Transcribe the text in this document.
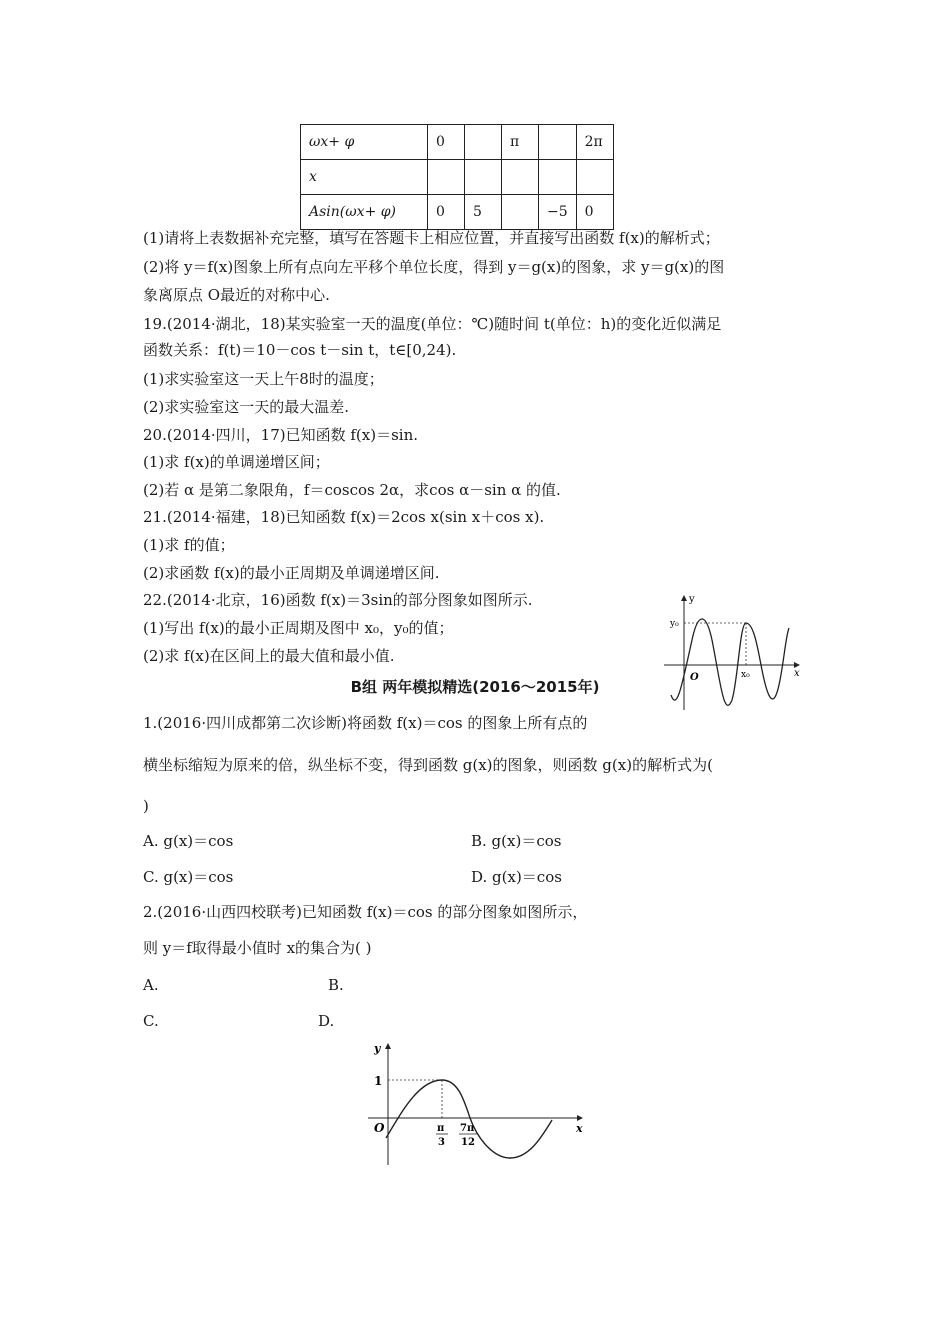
ωx+ φ	0		π		2π
x					
Asin(ωx+ φ)	0	5		−5	0
(1)请将上表数据补充完整，填写在答题卡上相应位置，并直接写出函数 f(x)的解析式；
(2)将 y＝f(x)图象上所有点向左平移个单位长度，得到 y＝g(x)的图象，求 y＝g(x)的图
象离原点 O最近的对称中心.
19.(2014·湖北，18)某实验室一天的温度(单位：℃)随时间 t(单位：h)的变化近似满足
函数关系：f(t)＝10－cos t－sin t，t∈[0,24).
(1)求实验室这一天上午8时的温度；
(2)求实验室这一天的最大温差.
20.(2014·四川，17)已知函数 f(x)＝sin.
(1)求 f(x)的单调递增区间；
(2)若 α 是第二象限角，f＝coscos 2α，求cos α－sin α 的值.
21.(2014·福建，18)已知函数 f(x)＝2cos x(sin x＋cos x).
(1)求 f的值；
(2)求函数 f(x)的最小正周期及单调递增区间.
22.(2014·北京，16)函数 f(x)＝3sin的部分图象如图所示.
(1)写出 f(x)的最小正周期及图中 x₀，y₀的值；
(2)求 f(x)在区间上的最大值和最小值.
y
x
O
y₀
x₀
B组 两年模拟精选(2016～2015年)
1.(2016·四川成都第二次诊断)将函数 f(x)＝cos 的图象上所有点的
横坐标缩短为原来的倍，纵坐标不变，得到函数 g(x)的图象，则函数 g(x)的解析式为(
)
A. g(x)＝cos	B. g(x)＝cos
C. g(x)＝cos	D. g(x)＝cos
2.(2016·山西四校联考)已知函数 f(x)＝cos 的部分图象如图所示，
则 y＝f取得最小值时 x的集合为( )
A.	B.
C.	D.
y
x
O
1
π
3
7π
12
